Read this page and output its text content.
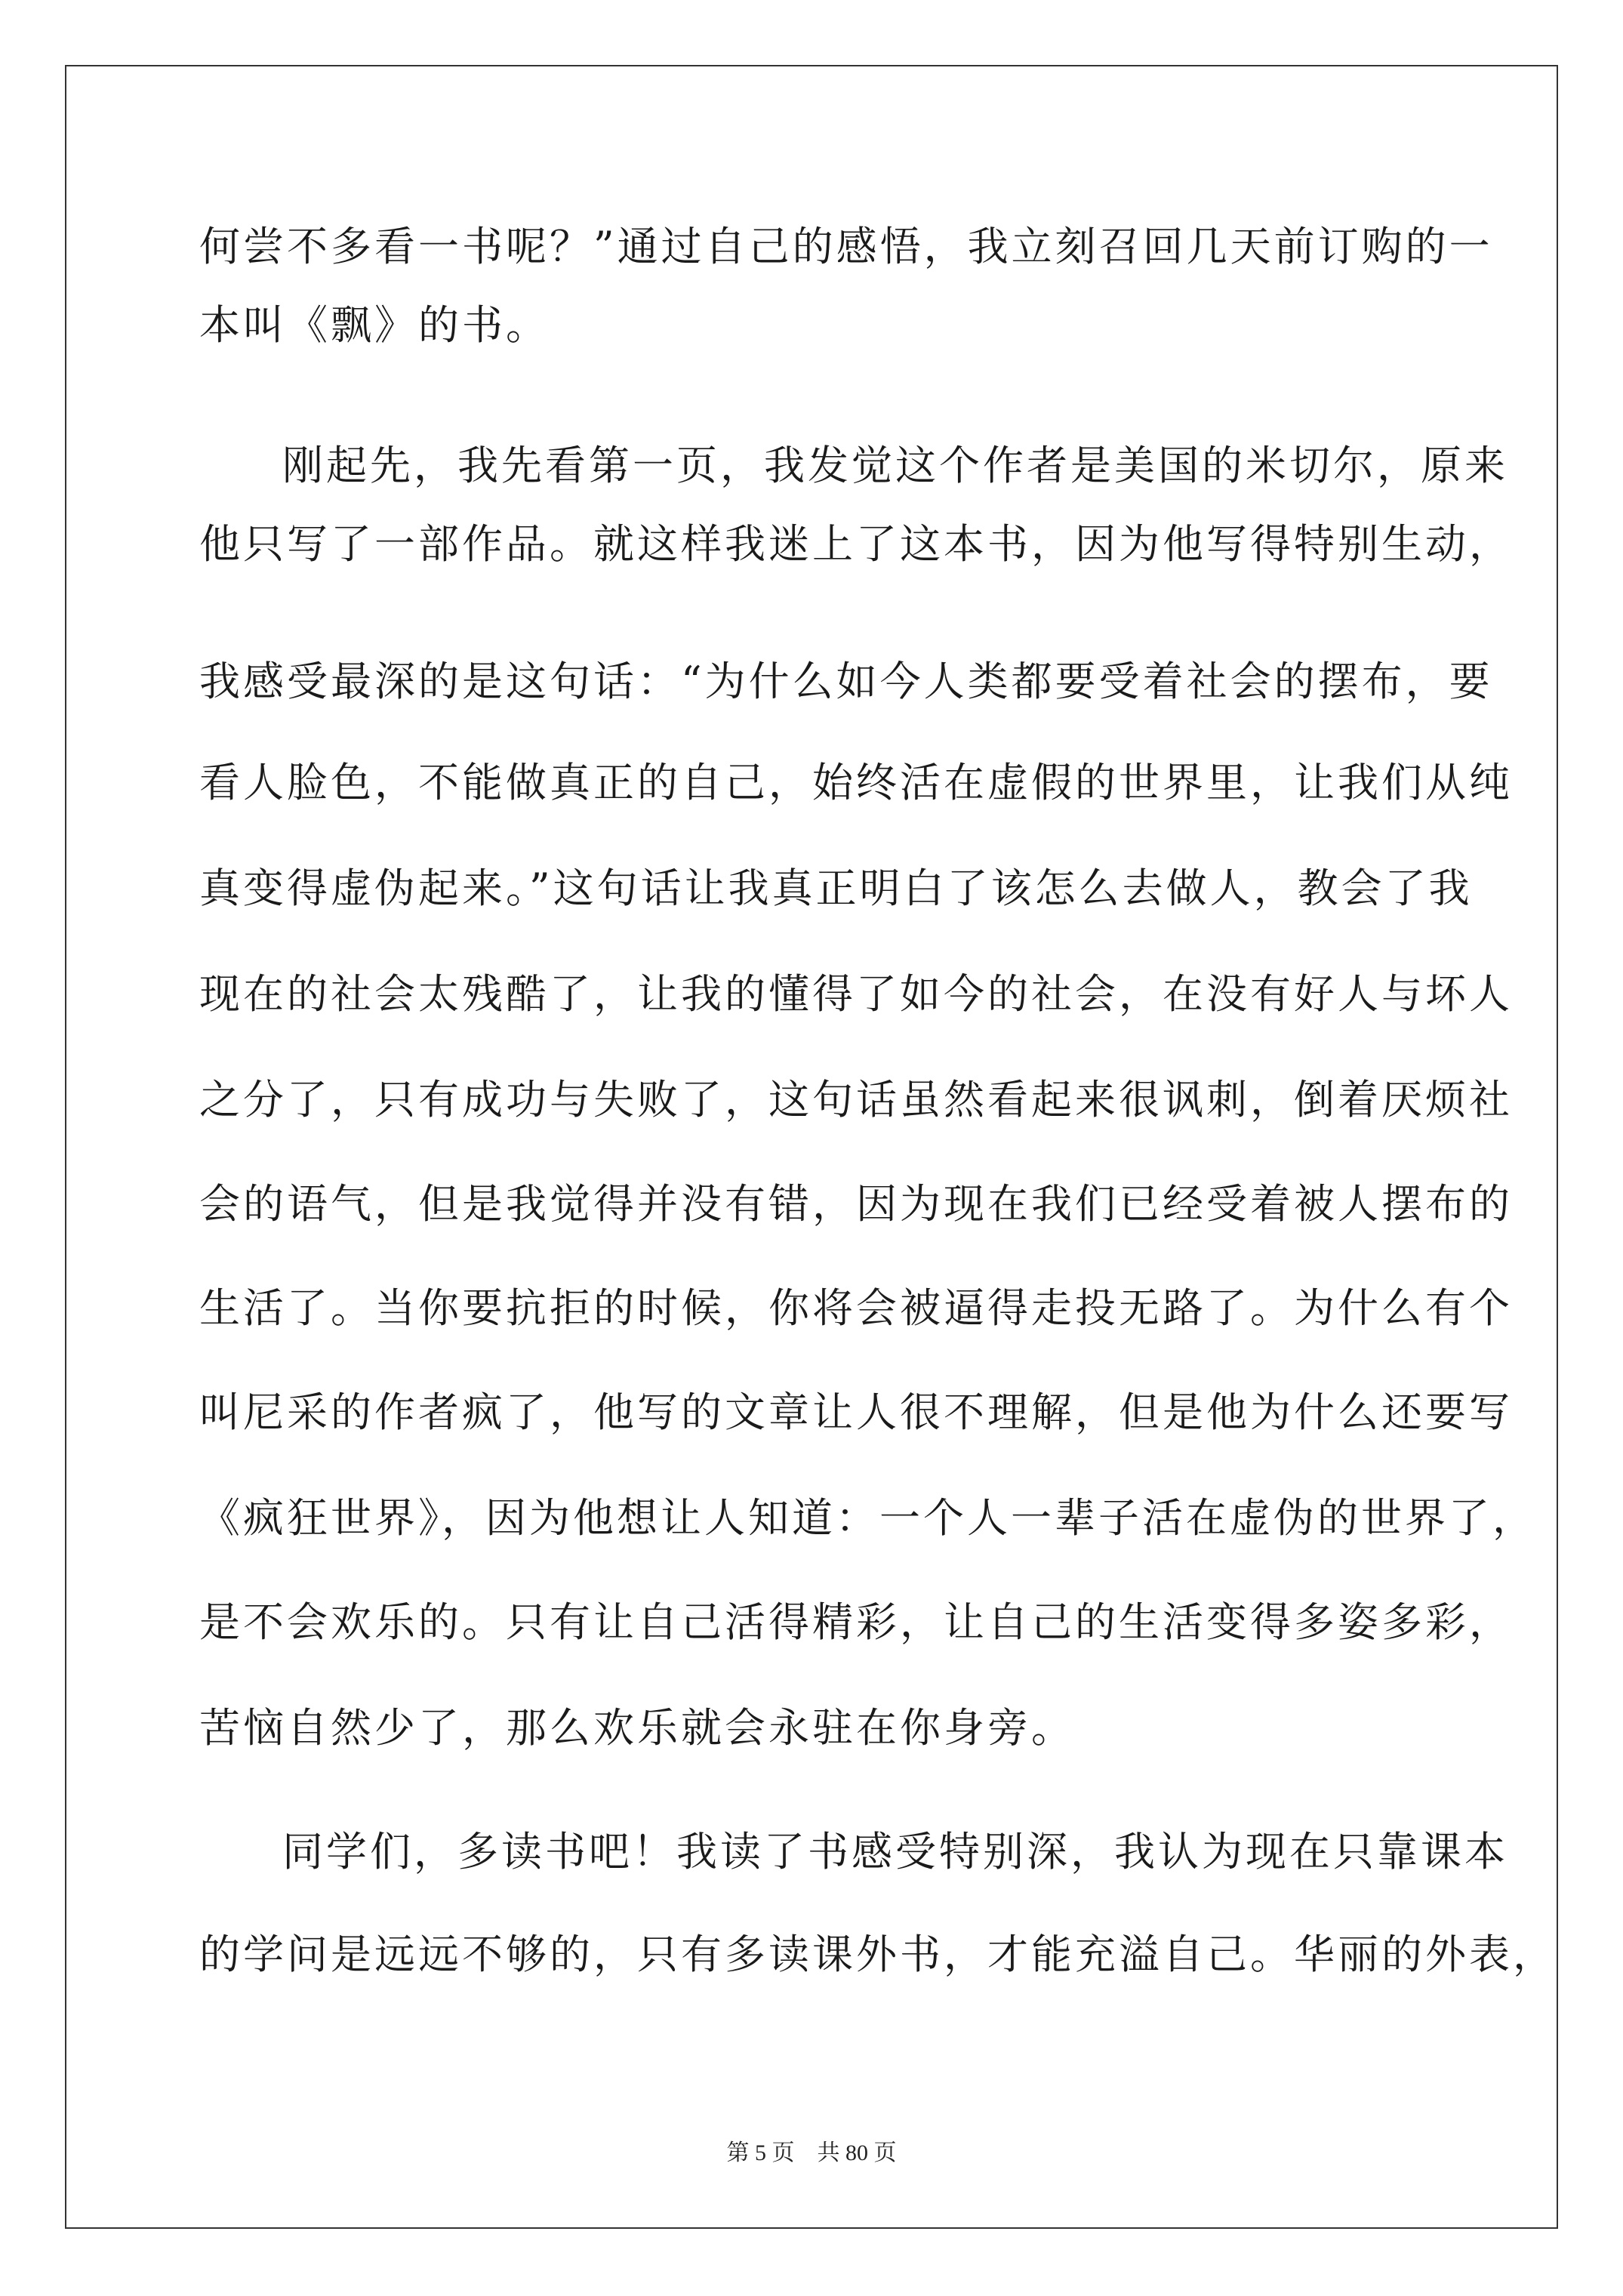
何尝不多看一书呢？”通过自己的感悟，我立刻召回几天前订购的一
本叫《飘》的书。
刚起先，我先看第一页，我发觉这个作者是美国的米切尔，原来
他只写了一部作品。就这样我迷上了这本书，因为他写得特别生动，
我感受最深的是这句话：“为什么如今人类都要受着社会的摆布，要
看人脸色，不能做真正的自己，始终活在虚假的世界里，让我们从纯
真变得虚伪起来。”这句话让我真正明白了该怎么去做人，教会了我
现在的社会太残酷了，让我的懂得了如今的社会，在没有好人与坏人
之分了，只有成功与失败了，这句话虽然看起来很讽刺，倒着厌烦社
会的语气，但是我觉得并没有错，因为现在我们已经受着被人摆布的
生活了。当你要抗拒的时候，你将会被逼得走投无路了。为什么有个
叫尼采的作者疯了，他写的文章让人很不理解，但是他为什么还要写
《疯狂世界》，因为他想让人知道：一个人一辈子活在虚伪的世界了，
是不会欢乐的。只有让自己活得精彩，让自己的生活变得多姿多彩，
苦恼自然少了，那么欢乐就会永驻在你身旁。
同学们，多读书吧！我读了书感受特别深，我认为现在只靠课本
的学问是远远不够的，只有多读课外书，才能充溢自己。华丽的外表，
第 5 页 共 80 页
